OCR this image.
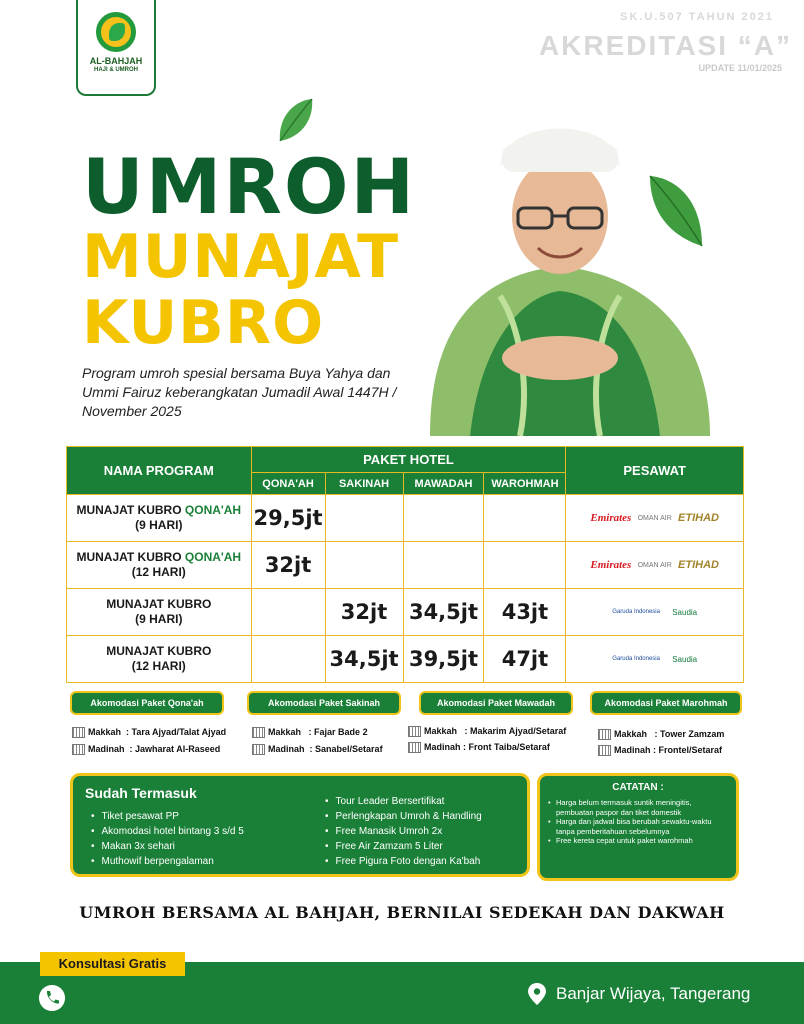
AL-BAHJAH
HAJI & UMROH
SK.U.507 TAHUN 2021
AKREDITASI “A”
UPDATE 11/01/2025
UMROH
MUNAJAT
KUBRO
Program umroh spesial bersama Buya Yahya dan Ummi Fairuz keberangkatan Jumadil Awal 1447H / November 2025
NAMA PROGRAM	PAKET HOTEL				PESAWAT
	QONA'AH	SAKINAH	MAWADAH	WAROHMAH	
MUNAJAT KUBRO QONA'AH
(9 HARI)	29,5jt				Emirates OMAN AIR ETIHAD
MUNAJAT KUBRO QONA'AH
(12 HARI)	32jt				Emirates OMAN AIR ETIHAD
MUNAJAT KUBRO
(9 HARI)		32jt	34,5jt	43jt	Garuda Indonesia Saudia
MUNAJAT KUBRO
(12 HARI)		34,5jt	39,5jt	47jt	Garuda Indonesia Saudia
Akomodasi Paket Qona'ah	Akomodasi Paket Sakinah	Akomodasi Paket Mawadah	Akomodasi Paket Marohmah
Makkah : Tara Ajyad/Talat Ajyad
Madinah : Jawharat Al-Raseed
Makkah : Fajar Bade 2
Madinah : Sanabel/Setaraf
Makkah : Makarim Ajyad/Setaraf
Madinah : Front Taiba/Setaraf
Makkah : Tower Zamzam
Madinah : Frontel/Setaraf
Sudah Termasuk
• Tiket pesawat PP
• Akomodasi hotel bintang 3 s/d 5
• Makan 3x sehari
• Muthowif berpengalaman
• Tour Leader Bersertifikat
• Perlengkapan Umroh & Handling
• Free Manasik Umroh 2x
• Free Air Zamzam 5 Liter
• Free Pigura Foto dengan Ka'bah
CATATAN :
• Harga belum termasuk suntik meningitis, pembuatan paspor dan tiket domestik
• Harga dan jadwal bisa berubah sewaktu-waktu tanpa pemberitahuan sebelumnya
• Free kereta cepat untuk paket warohmah
UMROH BERSAMA AL BAHJAH, BERNILAI SEDEKAH DAN DAKWAH
Konsultasi Gratis
Banjar Wijaya, Tangerang
